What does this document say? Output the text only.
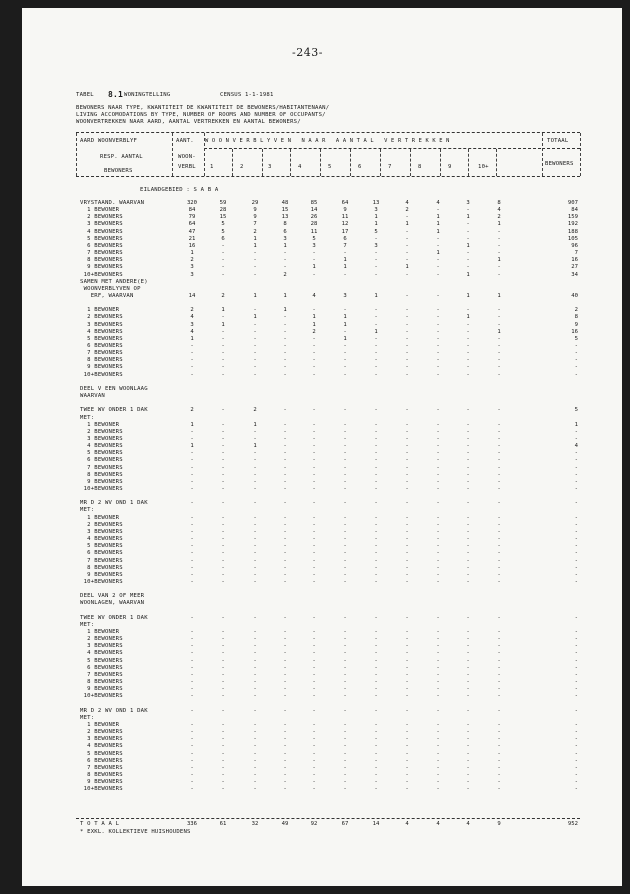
-243-
TABEL 8.1 WONINGTELLING	CENSUS 1-1-1981
BEWONERS NAAR TYPE, KWANTITEIT DE KWANTITEIT DE BEWONERS/HABITANTENAAN/
LIVING ACCOMODATIONS BY TYPE, NUMBER OF ROOMS AND NUMBER OF OCCUPANTS/
WOONVERTREKKEN NAAR AARD, AANTAL VERTREKKEN EN AANTAL BEWONERS/
AARD WOONVERBLYF
RESP. AANTAL
BEWONERS
AANT.
WOON-
VERBL
W O O N V E R B L Y V E N   N A A R   A A N T A L   V E R T R E K K E N	TOTAAL
BEWONERS
1	2	3	4	5	6	7	8	9	10+
EILANDGEBIED : S A B A
VRYSTAAND. WAARVAN	320	59	29	48	85	64	13	4	4	3	8	907
1 BEWONER	84	28	9	15	14	9	3	2	-	-	4	84
2 BEWONERS	79	15	9	13	26	11	1	-	1	1	2	159
3 BEWONERS	64	5	7	8	28	12	1	1	1	-	1	192
4 BEWONERS	47	5	2	6	11	17	5	-	1	-	-	188
5 BEWONERS	21	6	1	3	5	6	-	-	-	-	-	105
6 BEWONERS	16	-	1	1	3	7	3	-	-	1	-	96
7 BEWONERS	1	-	-	-	-	-	-	-	1	-	-	7
8 BEWONERS	2	-	-	-	-	1	-	-	-	-	1	16
9 BEWONERS	3	-	-	-	1	1	-	1	-	-	-	27
10+BEWONERS	3	-	-	2	-	-	-	-	-	1	-	34
SAMEN MET ANDERE(E)
WOONVERBLYVEN OP
ERF, WAARVAN	14	2	1	1	4	3	1	-	-	1	1	40
1 BEWONER	2	1	-	1	-	-	-	-	-	-	-	2
2 BEWONERS	4	-	1	-	1	1	-	-	-	1	-	8
3 BEWONERS	3	1	-	-	1	1	-	-	-	-	-	9
4 BEWONERS	4	-	-	-	2	-	1	-	-	-	1	16
5 BEWONERS	1	-	-	-	-	1	-	-	-	-	-	5
6 BEWONERS	-	-	-	-	-	-	-	-	-	-	-	-
7 BEWONERS	-	-	-	-	-	-	-	-	-	-	-	-
8 BEWONERS	-	-	-	-	-	-	-	-	-	-	-	-
9 BEWONERS	-	-	-	-	-	-	-	-	-	-	-	-
10+BEWONERS	-	-	-	-	-	-	-	-	-	-	-	-
DEEL V EEN WOONLAAG
WAARVAN
TWEE WV ONDER 1 DAK	2	-	2	-	-	-	-	-	-	-	-	5
MET:
1 BEWONER	1	-	1	-	-	-	-	-	-	-	-	1
2 BEWONERS	-	-	-	-	-	-	-	-	-	-	-	-
3 BEWONERS	-	-	-	-	-	-	-	-	-	-	-	-
4 BEWONERS	1	-	1	-	-	-	-	-	-	-	-	4
5 BEWONERS	-	-	-	-	-	-	-	-	-	-	-	-
6 BEWONERS	-	-	-	-	-	-	-	-	-	-	-	-
7 BEWONERS	-	-	-	-	-	-	-	-	-	-	-	-
8 BEWONERS	-	-	-	-	-	-	-	-	-	-	-	-
9 BEWONERS	-	-	-	-	-	-	-	-	-	-	-	-
10+BEWONERS	-	-	-	-	-	-	-	-	-	-	-	-
MR D 2 WV OND 1 DAK	-	-	-	-	-	-	-	-	-	-	-	-
MET:
1 BEWONER	-	-	-	-	-	-	-	-	-	-	-	-
2 BEWONERS	-	-	-	-	-	-	-	-	-	-	-	-
3 BEWONERS	-	-	-	-	-	-	-	-	-	-	-	-
4 BEWONERS	-	-	-	-	-	-	-	-	-	-	-	-
5 BEWONERS	-	-	-	-	-	-	-	-	-	-	-	-
6 BEWONERS	-	-	-	-	-	-	-	-	-	-	-	-
7 BEWONERS	-	-	-	-	-	-	-	-	-	-	-	-
8 BEWONERS	-	-	-	-	-	-	-	-	-	-	-	-
9 BEWONERS	-	-	-	-	-	-	-	-	-	-	-	-
10+BEWONERS	-	-	-	-	-	-	-	-	-	-	-	-
DEEL VAN 2 OF MEER
WOONLAGEN, WAARVAN
TWEE WV ONDER 1 DAK	-	-	-	-	-	-	-	-	-	-	-	-
MET:
1 BEWONER	-	-	-	-	-	-	-	-	-	-	-	-
2 BEWONERS	-	-	-	-	-	-	-	-	-	-	-	-
3 BEWONERS	-	-	-	-	-	-	-	-	-	-	-	-
4 BEWONERS	-	-	-	-	-	-	-	-	-	-	-	-
5 BEWONERS	-	-	-	-	-	-	-	-	-	-	-	-
6 BEWONERS	-	-	-	-	-	-	-	-	-	-	-	-
7 BEWONERS	-	-	-	-	-	-	-	-	-	-	-	-
8 BEWONERS	-	-	-	-	-	-	-	-	-	-	-	-
9 BEWONERS	-	-	-	-	-	-	-	-	-	-	-	-
10+BEWONERS	-	-	-	-	-	-	-	-	-	-	-	-
MR D 2 WV OND 1 DAK	-	-	-	-	-	-	-	-	-	-	-	-
MET:
1 BEWONER	-	-	-	-	-	-	-	-	-	-	-	-
2 BEWONERS	-	-	-	-	-	-	-	-	-	-	-	-
3 BEWONERS	-	-	-	-	-	-	-	-	-	-	-	-
4 BEWONERS	-	-	-	-	-	-	-	-	-	-	-	-
5 BEWONERS	-	-	-	-	-	-	-	-	-	-	-	-
6 BEWONERS	-	-	-	-	-	-	-	-	-	-	-	-
7 BEWONERS	-	-	-	-	-	-	-	-	-	-	-	-
8 BEWONERS	-	-	-	-	-	-	-	-	-	-	-	-
9 BEWONERS	-	-	-	-	-	-	-	-	-	-	-	-
10+BEWONERS	-	-	-	-	-	-	-	-	-	-	-	-
T O T A A L	336	61	32	49	92	67	14	4	4	4	9	952
* EXKL. KOLLEKTIEVE HUISHOUDENS
